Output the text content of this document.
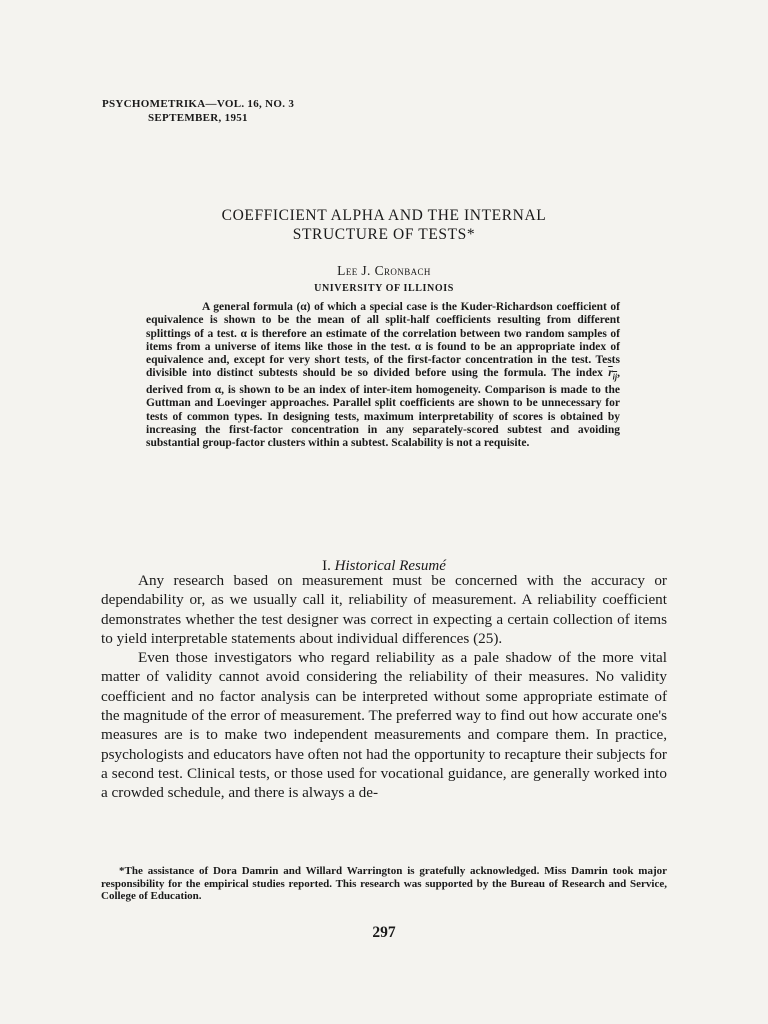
PSYCHOMETRIKA—VOL. 16, NO. 3
SEPTEMBER, 1951
COEFFICIENT ALPHA AND THE INTERNAL
STRUCTURE OF TESTS*
Lee J. Cronbach
UNIVERSITY OF ILLINOIS

A general formula (α) of which a special case is the Kuder-Richardson coefficient of equivalence is shown to be the mean of all split-half coefficients resulting from different splittings of a test. α is therefore an estimate of the correlation between two random samples of items from a universe of items like those in the test. α is found to be an appropriate index of equivalence and, except for very short tests, of the first-factor concentration in the test. Tests divisible into distinct subtests should be so divided before using the formula. The index $r_{ij}$, derived from α, is shown to be an index of inter-item homogeneity. Comparison is made to the Guttman and Loevinger approaches. Parallel split coefficients are shown to be unnecessary for tests of common types. In designing tests, maximum interpretability of scores is obtained by increasing the first-factor concentration in any separately-scored subtest and avoiding substantial group-factor clusters within a subtest. Scalability is not a requisite.

I. Historical Resumé

Any research based on measurement must be concerned with the accuracy or dependability or, as we usually call it, reliability of measurement. A reliability coefficient demonstrates whether the test designer was correct in expecting a certain collection of items to yield interpretable statements about individual differences (25).

Even those investigators who regard reliability as a pale shadow of the more vital matter of validity cannot avoid considering the reliability of their measures. No validity coefficient and no factor analysis can be interpreted without some appropriate estimate of the magnitude of the error of measurement. The preferred way to find out how accurate one's measures are is to make two independent measurements and compare them. In practice, psychologists and educators have often not had the opportunity to recapture their subjects for a second test. Clinical tests, or those used for vocational guidance, are generally worked into a crowded schedule, and there is always a de-

*The assistance of Dora Damrin and Willard Warrington is gratefully acknowledged. Miss Damrin took major responsibility for the empirical studies reported. This research was supported by the Bureau of Research and Service, College of Education.

297
